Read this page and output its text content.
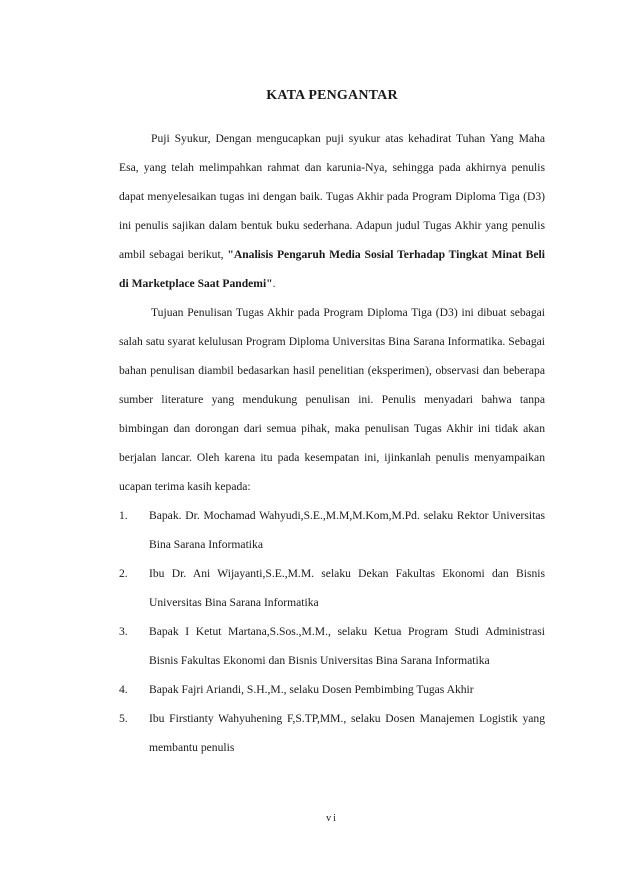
KATA PENGANTAR

Puji Syukur, Dengan mengucapkan puji syukur atas kehadirat Tuhan Yang Maha Esa, yang telah melimpahkan rahmat dan karunia-Nya, sehingga pada akhirnya penulis dapat menyelesaikan tugas ini dengan baik. Tugas Akhir pada Program Diploma Tiga (D3) ini penulis sajikan dalam bentuk buku sederhana. Adapun judul Tugas Akhir yang penulis ambil sebagai berikut, "Analisis Pengaruh Media Sosial Terhadap Tingkat Minat Beli di Marketplace Saat Pandemi".

Tujuan Penulisan Tugas Akhir pada Program Diploma Tiga (D3) ini dibuat sebagai salah satu syarat kelulusan Program Diploma Universitas Bina Sarana Informatika. Sebagai bahan penulisan diambil bedasarkan hasil penelitian (eksperimen), observasi dan beberapa sumber literature yang mendukung penulisan ini. Penulis menyadari bahwa tanpa bimbingan dan dorongan dari semua pihak, maka penulisan Tugas Akhir ini tidak akan berjalan lancar. Oleh karena itu pada kesempatan ini, ijinkanlah penulis menyampaikan ucapan terima kasih kepada:

1.	Bapak. Dr. Mochamad Wahyudi,S.E.,M.M,M.Kom,M.Pd. selaku Rektor Universitas Bina Sarana Informatika
2.	Ibu Dr. Ani Wijayanti,S.E.,M.M. selaku Dekan Fakultas Ekonomi dan Bisnis Universitas Bina Sarana Informatika
3.	Bapak I Ketut Martana,S.Sos.,M.M., selaku Ketua Program Studi Administrasi Bisnis Fakultas Ekonomi dan Bisnis Universitas Bina Sarana Informatika
4.	Bapak Fajri Ariandi, S.H.,M., selaku Dosen Pembimbing Tugas Akhir
5.	Ibu Firstianty Wahyuhening F,S.TP,MM., selaku Dosen Manajemen Logistik yang membantu penulis
vi
